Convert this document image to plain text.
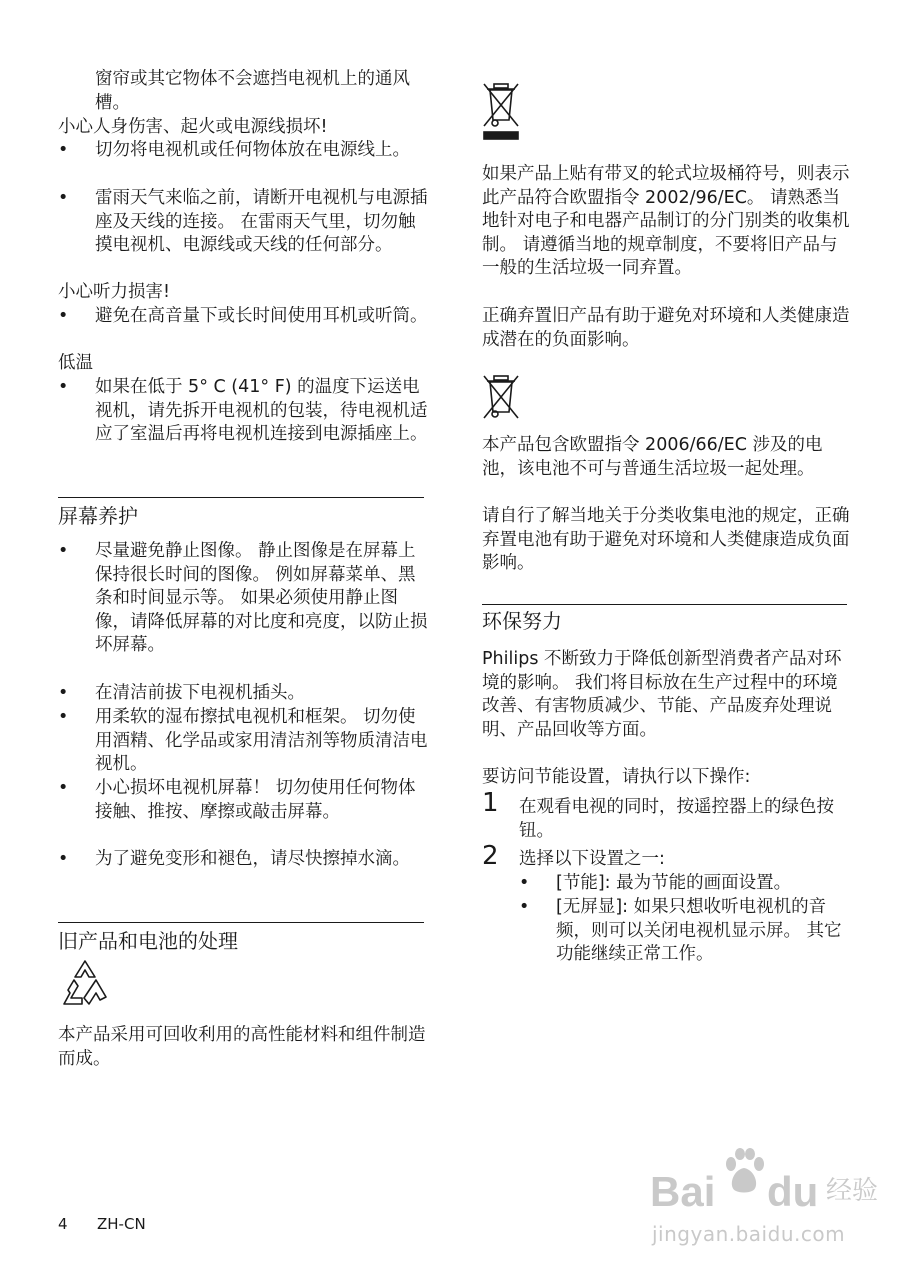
窗帘或其它物体不会遮挡电视机上的通风槽。

小心人身伤害、起火或电源线损坏!

• 切勿将电视机或任何物体放在电源线上。

• 雷雨天气来临之前，请断开电视机与电源插座及天线的连接。 在雷雨天气里，切勿触摸电视机、电源线或天线的任何部分。

小心听力损害!

• 避免在高音量下或长时间使用耳机或听筒。

低温

• 如果在低于 5° C (41° F) 的温度下运送电视机，请先拆开电视机的包装，待电视机适应了室温后再将电视机连接到电源插座上。

屏幕养护

• 尽量避免静止图像。 静止图像是在屏幕上保持很长时间的图像。 例如屏幕菜单、黑条和时间显示等。 如果必须使用静止图像，请降低屏幕的对比度和亮度，以防止损坏屏幕。

• 在清洁前拔下电视机插头。

• 用柔软的湿布擦拭电视机和框架。 切勿使用酒精、化学品或家用清洁剂等物质清洁电视机。

• 小心损坏电视机屏幕！ 切勿使用任何物体接触、推按、摩擦或敲击屏幕。

• 为了避免变形和褪色，请尽快擦掉水滴。

旧产品和电池的处理

本产品采用可回收利用的高性能材料和组件制造而成。

如果产品上贴有带叉的轮式垃圾桶符号，则表示此产品符合欧盟指令 2002/96/EC。 请熟悉当地针对电子和电器产品制订的分门别类的收集机制。 请遵循当地的规章制度，不要将旧产品与一般的生活垃圾一同弃置。

正确弃置旧产品有助于避免对环境和人类健康造成潜在的负面影响。

本产品包含欧盟指令 2006/66/EC 涉及的电池，该电池不可与普通生活垃圾一起处理。

请自行了解当地关于分类收集电池的规定，正确弃置电池有助于避免对环境和人类健康造成负面影响。

环保努力

Philips 不断致力于降低创新型消费者产品对环境的影响。 我们将目标放在生产过程中的环境改善、有害物质减少、节能、产品废弃处理说明、产品回收等方面。

要访问节能设置，请执行以下操作:

1 在观看电视的同时，按遥控器上的绿色按钮。

2 选择以下设置之一:

• [节能]: 最为节能的画面设置。

• [无屏显]: 如果只想收听电视机的音频，则可以关闭电视机显示屏。 其它功能继续正常工作。

4 ZH-CN
Bai du 经验
jingyan.baidu.com
